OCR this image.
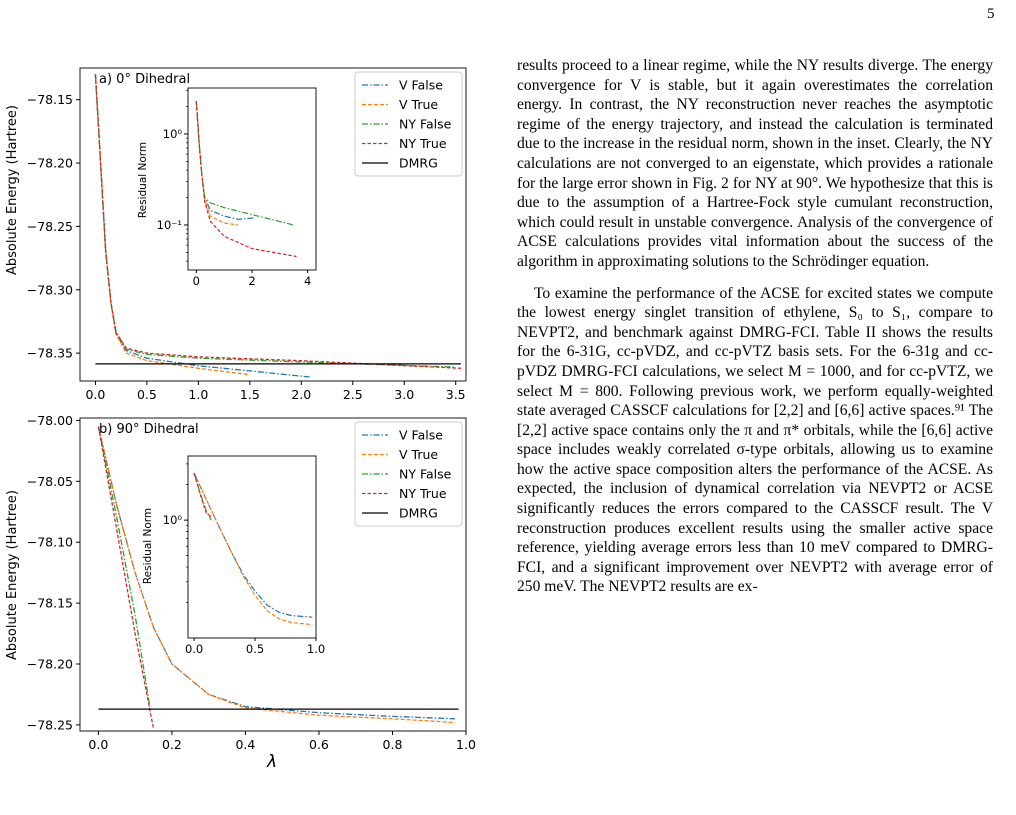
5
a) 0° Dihedral
Absolute Energy (Hartree)
0.0	0.5	1.0	1.5	2.0	2.5	3.0	3.5
−78.15
−78.20
−78.25
−78.30
−78.35
V False
V True
NY False
NY True
DMRG
Residual Norm
0	2	4
10⁰
10⁻¹
b) 90° Dihedral
Absolute Energy (Hartree)
λ
0.0	0.2	0.4	0.6	0.8	1.0
−78.00
−78.05
−78.10
−78.15
−78.20
−78.25
V False
V True
NY False
NY True
DMRG
Residual Norm
0.0	0.5	1.0
10⁰

results proceed to a linear regime, while the NY results diverge. The energy convergence for V is stable, but it again overestimates the correlation energy. In contrast, the NY reconstruction never reaches the asymptotic regime of the energy trajectory, and instead the calculation is terminated due to the increase in the residual norm, shown in the inset. Clearly, the NY calculations are not converged to an eigenstate, which provides a rationale for the large error shown in Fig. 2 for NY at 90°. We hypothesize that this is due to the assumption of a Hartree-Fock style cumulant reconstruction, which could result in unstable convergence. Analysis of the convergence of ACSE calculations provides vital information about the success of the algorithm in approximating solutions to the Schrödinger equation.

To examine the performance of the ACSE for excited states we compute the lowest energy singlet transition of ethylene, S₀ to S₁, compare to NEVPT2, and benchmark against DMRG-FCI. Table II shows the results for the 6-31G, cc-pVDZ, and cc-pVTZ basis sets. For the 6-31g and cc-pVDZ DMRG-FCI calculations, we select M = 1000, and for cc-pVTZ, we select M = 800. Following previous work, we perform equally-weighted state averaged CASSCF calculations for [2,2] and [6,6] active spaces.⁹¹ The [2,2] active space contains only the π and π* orbitals, while the [6,6] active space includes weakly correlated σ-type orbitals, allowing us to examine how the active space composition alters the performance of the ACSE. As expected, the inclusion of dynamical correlation via NEVPT2 or ACSE significantly reduces the errors compared to the CASSCF result. The V reconstruction produces excellent results using the smaller active space reference, yielding average errors less than 10 meV compared to DMRG-FCI, and a significant improvement over NEVPT2 with average error of 250 meV. The NEVPT2 results are ex-
